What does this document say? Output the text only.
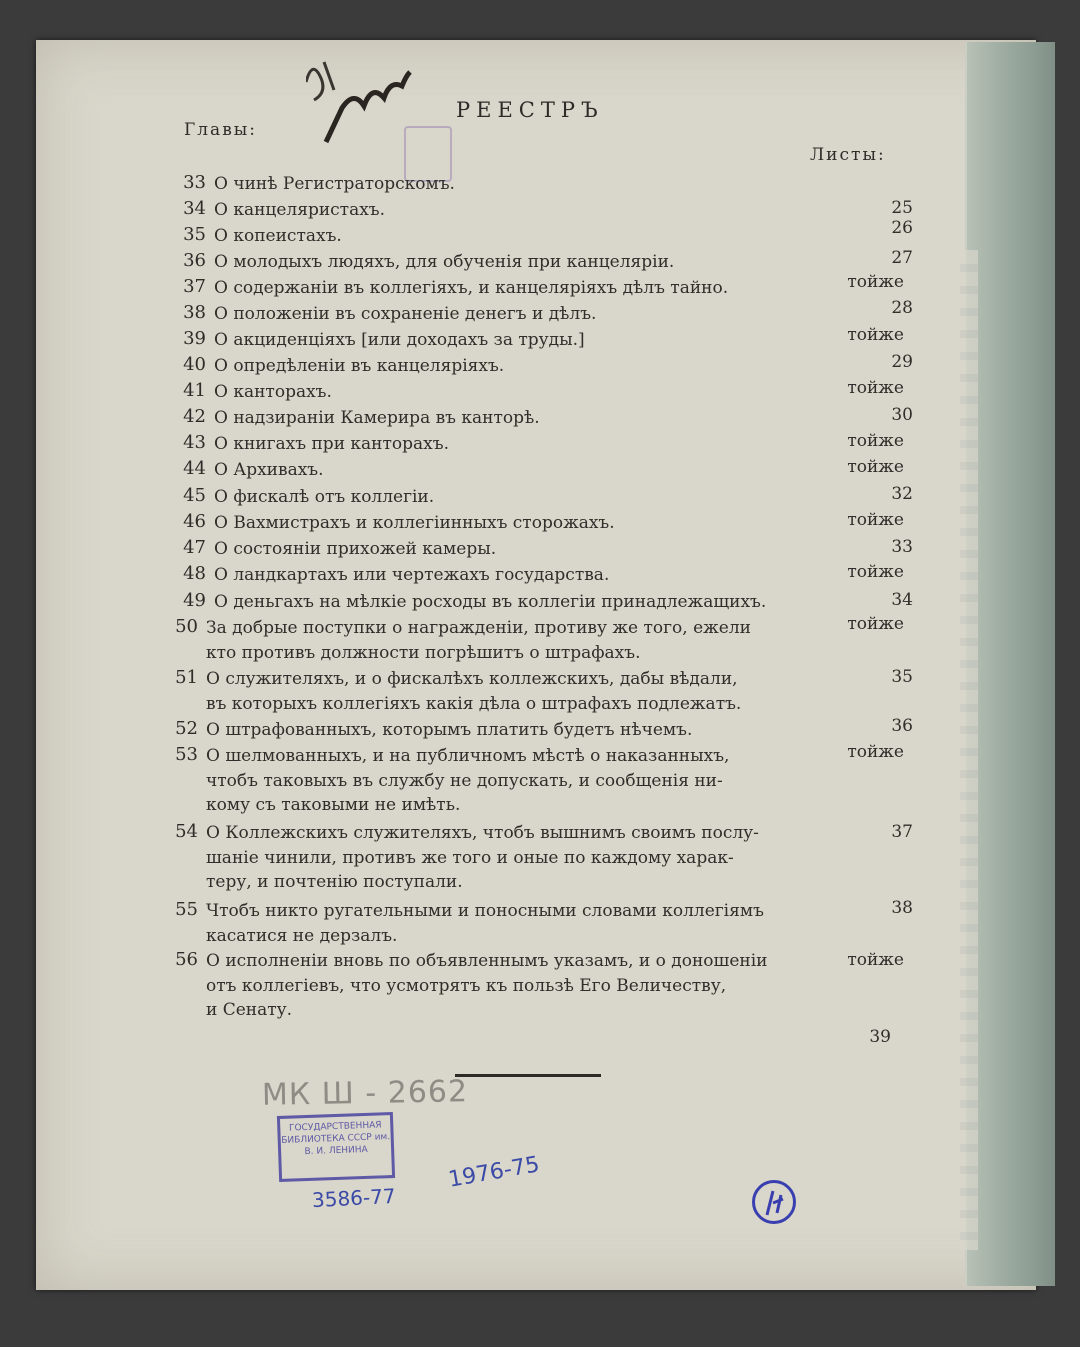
РЕЕСТРЪ
Главы:
Листы:
33 О чинѣ Регистраторскомъ.
34 О канцеляристахъ.	25
35 О копеистахъ.	26
36 О молодыхъ людяхъ, для обученія при канцеляріи.	27
37 О содержаніи въ коллегіяхъ, и канцеляріяхъ дѣлъ тайно.	тойже
38 О положеніи въ сохраненіе денегъ и дѣлъ.	28
39 О акциденціяхъ [или доходахъ за труды.]	тойже
40 О опредѣленіи въ канцеляріяхъ.	29
41 О канторахъ.	тойже
42 О надзираніи Камерира въ канторѣ.	30
43 О книгахъ при канторахъ.	тойже
44 О Архивахъ.	тойже
45 О фискалѣ отъ коллегіи.	32
46 О Вахмистрахъ и коллегіинныхъ сторожахъ.	тойже
47 О состояніи прихожей камеры.	33
48 О ландкартахъ или чертежахъ государства.	тойже
49 О деньгахъ на мѣлкіе росходы въ коллегіи принадлежащихъ.	34
50 За добрые поступки о награжденіи, противу же того, ежели
кто противъ должности погрѣшитъ о штрафахъ.
тойже
51 О служителяхъ, и о фискалѣхъ коллежскихъ, дабы вѣдали,
въ которыхъ коллегіяхъ какія дѣла о штрафахъ подлежатъ.
35
52 О штрафованныхъ, которымъ платить будетъ нѣчемъ.	36
53 О шелмованныхъ, и на публичномъ мѣстѣ о наказанныхъ,
чтобъ таковыхъ въ службу не допускать, и сообщенія ни-
кому съ таковыми не имѣть.
тойже
54 О Коллежскихъ служителяхъ, чтобъ вышнимъ своимъ послу-
шаніе чинили, противъ же того и оные по каждому харак-
теру, и почтенію поступали.
37
55 Чтобъ никто ругательными и поносными словами коллегіямъ
касатися не дерзалъ.
38
56 О исполненіи вновь по объявленнымъ указамъ, и о доношеніи
отъ коллегіевъ, что усмотрятъ къ пользѣ Его Величеству,
и Сенату.
тойже
39
МК Ш - 2662
ГОСУДАРСТВЕННАЯ БИБЛИОТЕКА СССР им. В. И. ЛЕНИНА
3586-77
1976-75
